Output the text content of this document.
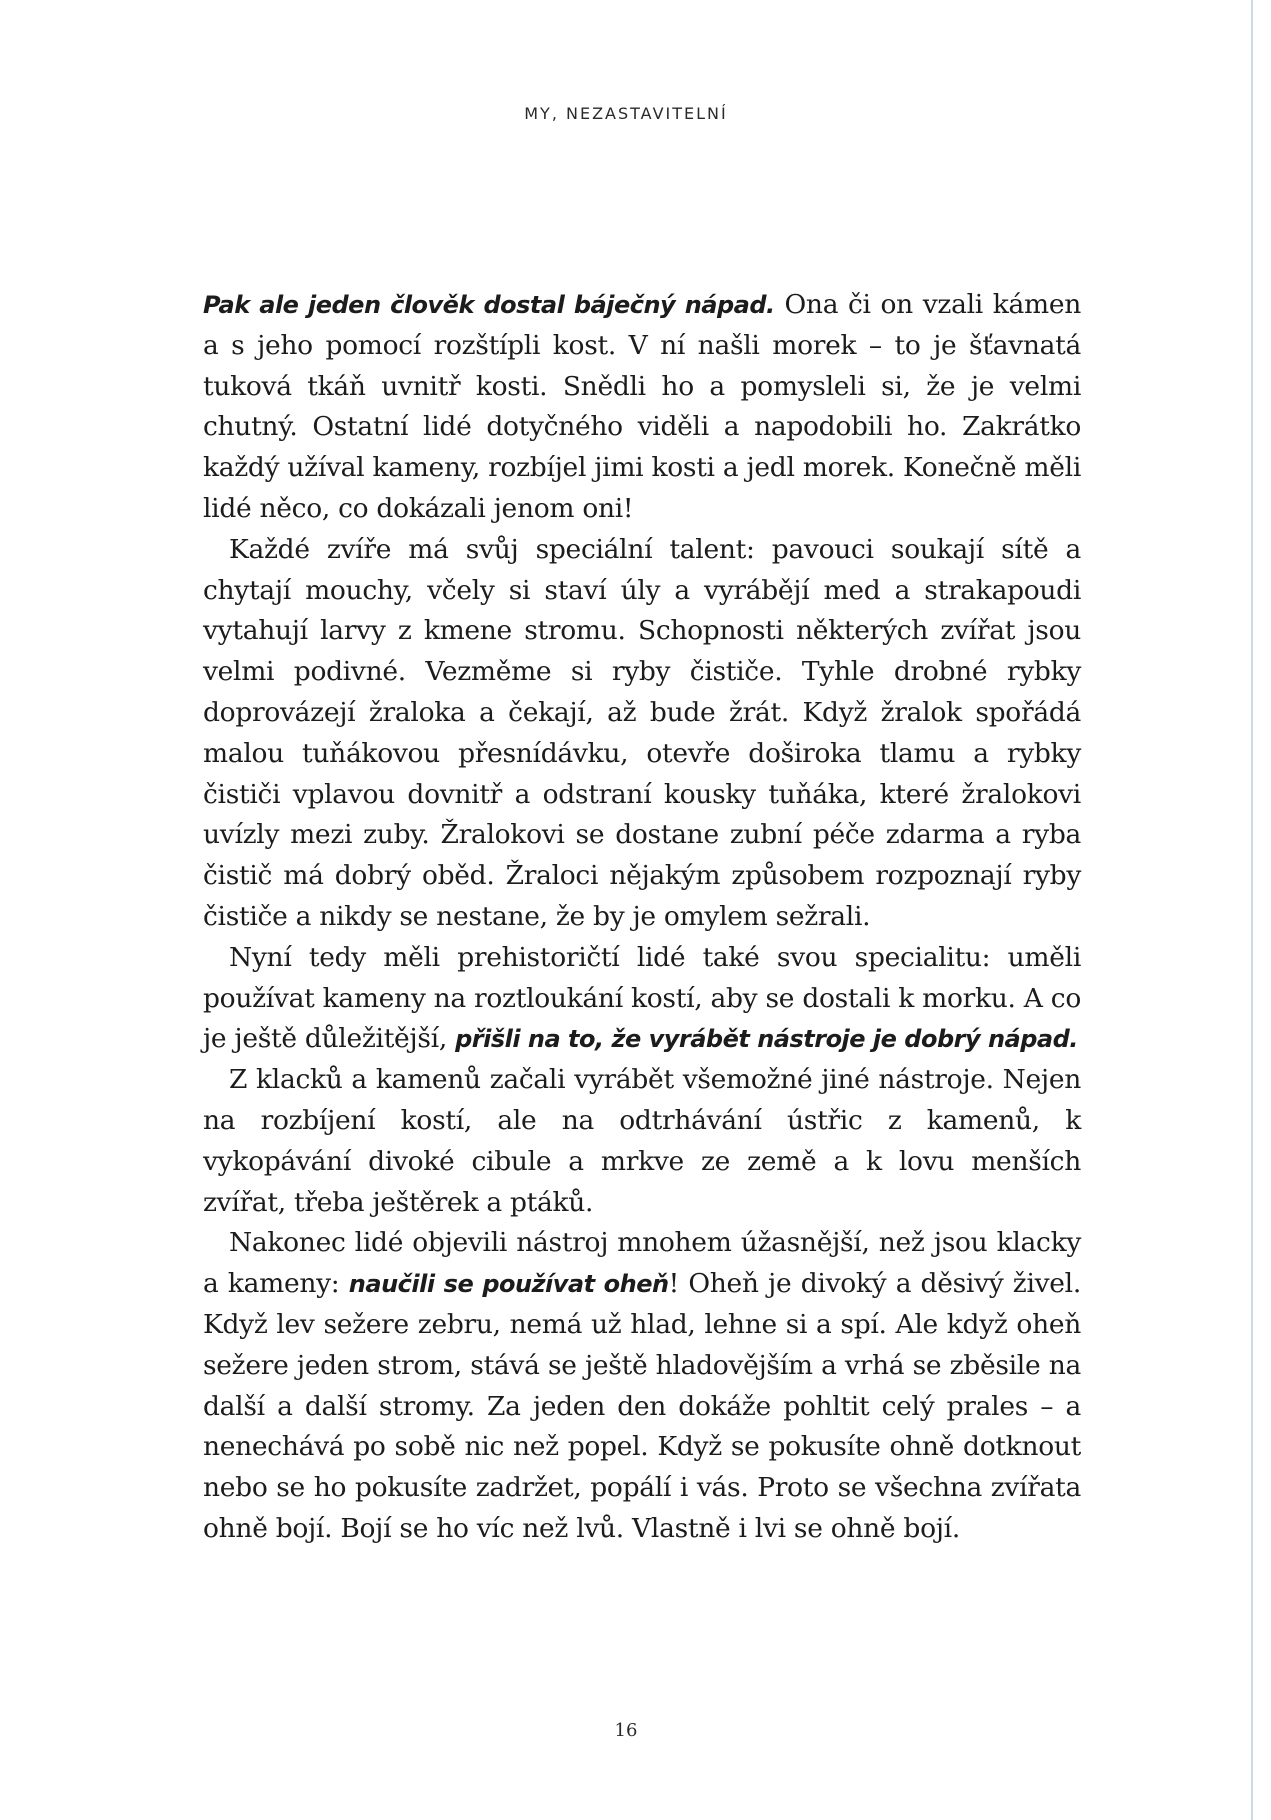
MY, NEZASTAVITELNÍ

Pak ale jeden člověk dostal báječný nápad. Ona či on vzali kámen a s jeho pomocí rozštípli kost. V ní našli morek – to je šťavnatá tuková tkáň uvnitř kosti. Snědli ho a pomysleli si, že je velmi chutný. Ostatní lidé dotyčného viděli a napodobili ho. Zakrátko každý užíval kameny, rozbíjel jimi kosti a jedl morek. Konečně měli lidé něco, co dokázali jenom oni!

Každé zvíře má svůj speciální talent: pavouci soukají sítě a chytají mouchy, včely si staví úly a vyrábějí med a strakapoudi vytahují larvy z kmene stromu. Schopnosti některých zvířat jsou velmi podivné. Vezměme si ryby čističe. Tyhle drobné rybky doprovázejí žraloka a čekají, až bude žrát. Když žralok spořádá malou tuňákovou přesnídávku, otevře doširoka tlamu a rybky čističi vplavou dovnitř a odstraní kousky tuňáka, které žralokovi uvízly mezi zuby. Žralokovi se dostane zubní péče zdarma a ryba čistič má dobrý oběd. Žraloci nějakým způsobem rozpoznají ryby čističe a nikdy se nestane, že by je omylem sežrali.

Nyní tedy měli prehistoričtí lidé také svou specialitu: uměli používat kameny na roztloukání kostí, aby se dostali k morku. A co je ještě důležitější, přišli na to, že vyrábět nástroje je dobrý nápad.

Z klacků a kamenů začali vyrábět všemožné jiné nástroje. Nejen na rozbíjení kostí, ale na odtrhávání ústřic z kamenů, k vykopávání divoké cibule a mrkve ze země a k lovu menších zvířat, třeba ještěrek a ptáků.

Nakonec lidé objevili nástroj mnohem úžasnější, než jsou klacky a kameny: naučili se používat oheň! Oheň je divoký a děsivý živel. Když lev sežere zebru, nemá už hlad, lehne si a spí. Ale když oheň sežere jeden strom, stává se ještě hladovějším a vrhá se zběsile na další a další stromy. Za jeden den dokáže pohltit celý prales – a nenechává po sobě nic než popel. Když se pokusíte ohně dotknout nebo se ho pokusíte zadržet, popálí i vás. Proto se všechna zvířata ohně bojí. Bojí se ho víc než lvů. Vlastně i lvi se ohně bojí.

16
